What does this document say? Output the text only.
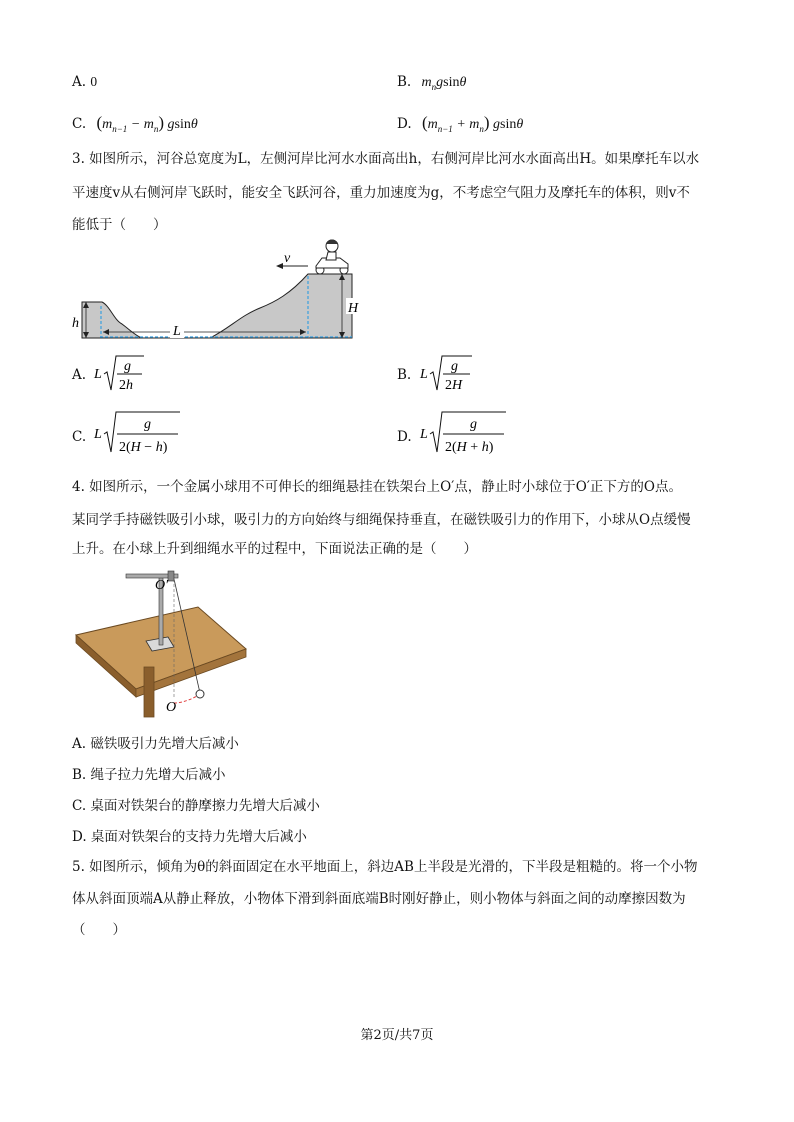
A. 0	B. $m_ngsin\theta$
C. $(m_{n-1} - m_n)$ gsinθ	D. $(m_{n-1} + m_n)$ gsinθ
3. 如图所示，河谷总宽度为L，左侧河岸比河水水面高出h，右侧河岸比河水水面高出H。如果摩托车以水
平速度v从右侧河岸飞跃时，能安全飞跃河谷，重力加速度为g，不考虑空气阻力及摩托车的体积，则v不
能低于（　　）
h
L
H
v
A. L
g
2h
B. L
g
2H
C. L
g
2(H − h)
D. L
g
2(H + h)
4. 如图所示，一个金属小球用不可伸长的细绳悬挂在铁架台上O′点，静止时小球位于O′正下方的O点。
某同学手持磁铁吸引小球，吸引力的方向始终与细绳保持垂直，在磁铁吸引力的作用下，小球从O点缓慢
上升。在小球上升到细绳水平的过程中，下面说法正确的是（　　）
O′
O
A. 磁铁吸引力先增大后减小
B. 绳子拉力先增大后减小
C. 桌面对铁架台的静摩擦力先增大后减小
D. 桌面对铁架台的支持力先增大后减小
5. 如图所示，倾角为θ的斜面固定在水平地面上，斜边AB上半段是光滑的，下半段是粗糙的。将一个小物
体从斜面顶端A从静止释放，小物体下滑到斜面底端B时刚好静止，则小物体与斜面之间的动摩擦因数为
（　　）
第2页/共7页
